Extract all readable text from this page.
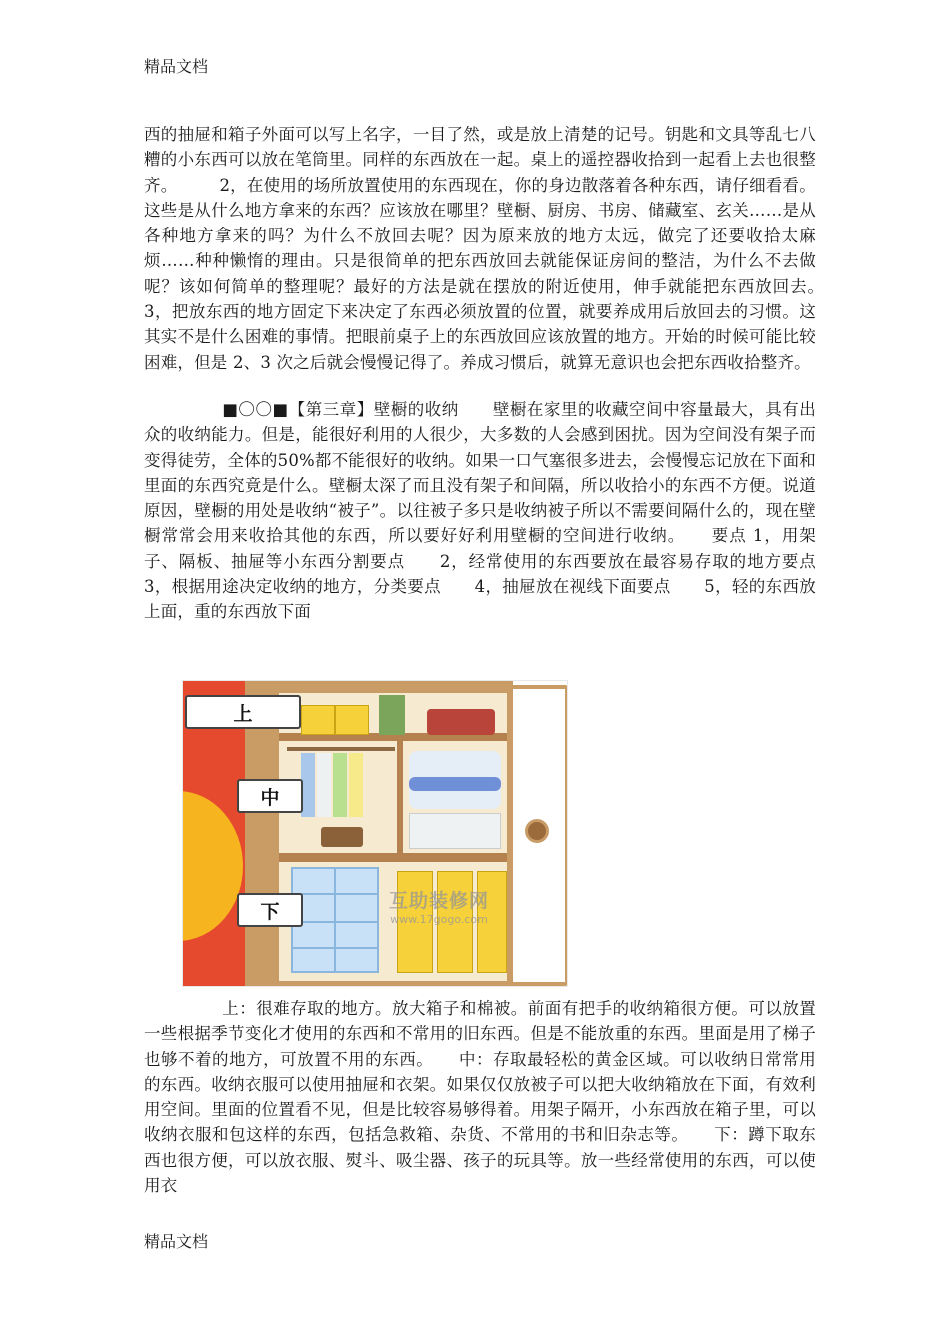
精品文档

西的抽屉和箱子外面可以写上名字，一目了然，或是放上清楚的记号。钥匙和文具等乱七八糟的小东西可以放在笔筒里。同样的东西放在一起。桌上的遥控器收拾到一起看上去也很整齐。　　　2，在使用的场所放置使用的东西现在，你的身边散落着各种东西，请仔细看看。这些是从什么地方拿来的东西？应该放在哪里？壁橱、厨房、书房、储藏室、玄关……是从各种地方拿来的吗？为什么不放回去呢？因为原来放的地方太远，做完了还要收拾太麻烦……种种懒惰的理由。只是很简单的把东西放回去就能保证房间的整洁，为什么不去做呢？该如何简单的整理呢？最好的方法是就在摆放的附近使用，伸手就能把东西放回去。　　　3，把放东西的地方固定下来决定了东西必须放置的位置，就要养成用后放回去的习惯。这其实不是什么困难的事情。把眼前桌子上的东西放回应该放置的地方。开始的时候可能比较困难，但是 2、3 次之后就会慢慢记得了。养成习惯后，就算无意识也会把东西收拾整齐。

■〇〇■【第三章】壁橱的收纳　　壁橱在家里的收藏空间中容量最大，具有出众的收纳能力。但是，能很好利用的人很少，大多数的人会感到困扰。因为空间没有架子而变得徒劳，全体的50%都不能很好的收纳。如果一口气塞很多进去，会慢慢忘记放在下面和里面的东西究竟是什么。壁橱太深了而且没有架子和间隔，所以收拾小的东西不方便。说道原因，壁橱的用处是收纳“被子”。以往被子多只是收纳被子所以不需要间隔什么的，现在壁橱常常会用来收拾其他的东西，所以要好好利用壁橱的空间进行收纳。　　要点 1，用架子、隔板、抽屉等小东西分割要点　　2，经常使用的东西要放在最容易存取的地方要点　　3，根据用途决定收纳的地方，分类要点　　4，抽屉放在视线下面要点　　5，轻的东西放上面，重的东西放下面

上
中
下	互助装修网
www.17gogo.com

上：很难存取的地方。放大箱子和棉被。前面有把手的收纳箱很方便。可以放置一些根据季节变化才使用的东西和不常用的旧东西。但是不能放重的东西。里面是用了梯子也够不着的地方，可放置不用的东西。　　中：存取最轻松的黄金区域。可以收纳日常常用的东西。收纳衣服可以使用抽屉和衣架。如果仅仅放被子可以把大收纳箱放在下面，有效利用空间。里面的位置看不见，但是比较容易够得着。用架子隔开，小东西放在箱子里，可以收纳衣服和包这样的东西，包括急救箱、杂货、不常用的书和旧杂志等。　　下：蹲下取东西也很方便，可以放衣服、熨斗、吸尘器、孩子的玩具等。放一些经常使用的东西，可以使用衣

精品文档
